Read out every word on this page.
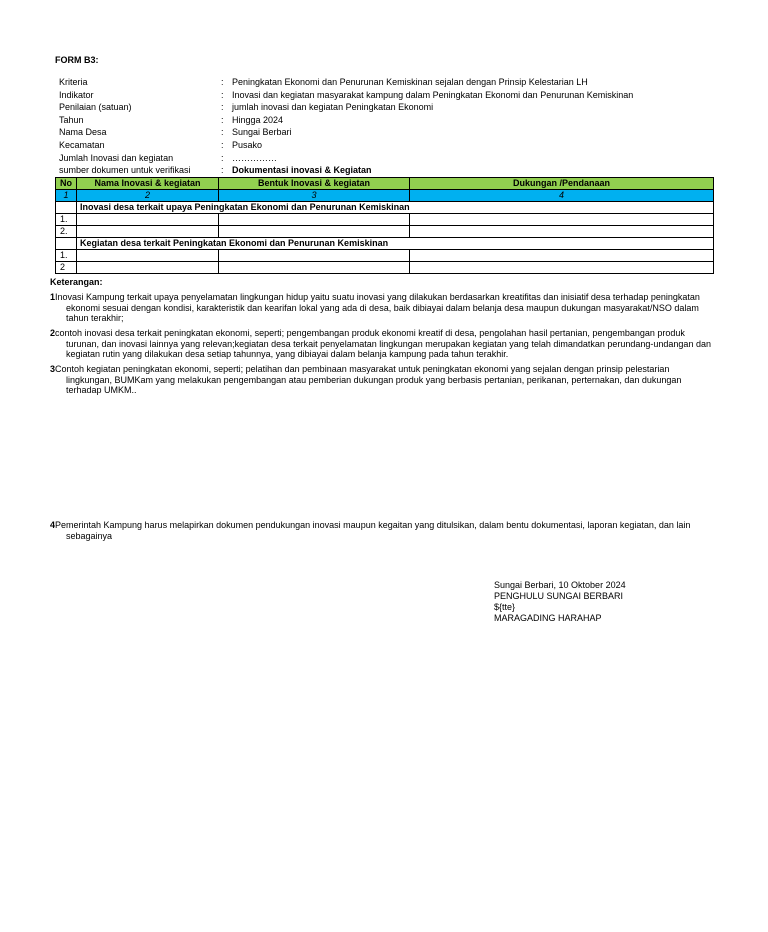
FORM B3:
Kriteria	: Peningkatan Ekonomi dan Penurunan Kemiskinan sejalan dengan Prinsip Kelestarian LH
Indikator	: Inovasi dan kegiatan masyarakat kampung dalam Peningkatan Ekonomi dan Penurunan Kemiskinan
Penilaian (satuan)	: jumlah inovasi dan kegiatan Peningkatan Ekonomi
Tahun	: Hingga 2024
Nama Desa	: Sungai Berbari
Kecamatan	: Pusako
Jumlah Inovasi dan kegiatan	: ……………
sumber dokumen untuk verifikasi	: Dokumentasi inovasi & Kegiatan
No	Nama Inovasi & kegiatan	Bentuk Inovasi & kegiatan	Dukungan /Pendanaan
1	2	3	4
	Inovasi desa terkait upaya Peningkatan Ekonomi dan Penurunan Kemiskinan		
1.			
2.			
	Kegiatan desa terkait Peningkatan Ekonomi dan Penurunan Kemiskinan		
1.			
2			
Keterangan:
1 Inovasi Kampung terkait upaya penyelamatan lingkungan hidup yaitu suatu inovasi yang dilakukan berdasarkan kreatifitas dan inisiatif desa terhadap peningkatan ekonomi sesuai dengan kondisi, karakteristik dan kearifan lokal yang ada di desa, baik dibiayai dalam belanja desa maupun dukungan masyarakat/NSO dalam tahun terakhir;
2 contoh inovasi desa terkait peningkatan ekonomi, seperti; pengembangan produk ekonomi kreatif di desa, pengolahan hasil pertanian, pengembangan produk turunan, dan inovasi lainnya yang relevan;kegiatan desa terkait penyelamatan lingkungan merupakan kegiatan yang telah dimandatkan perundang-undangan dan kegiatan rutin yang dilakukan desa setiap tahunnya, yang dibiayai dalam belanja kampung pada tahun terakhir.
3 Contoh kegiatan peningkatan ekonomi, seperti; pelatihan dan pembinaan masyarakat untuk peningkatan ekonomi yang sejalan dengan prinsip pelestarian lingkungan, BUMKam yang melakukan pengembangan atau pemberian dukungan produk yang berbasis pertanian, perikanan, perternakan, dan dukungan terhadap UMKM..
4 Pemerintah Kampung harus melapirkan dokumen pendukungan inovasi maupun kegaitan yang ditulsikan, dalam bentu dokumentasi, laporan kegiatan, dan lain sebagainya
Sungai Berbari, 10 Oktober 2024
PENGHULU SUNGAI BERBARI
${tte}
MARAGADING HARAHAP
